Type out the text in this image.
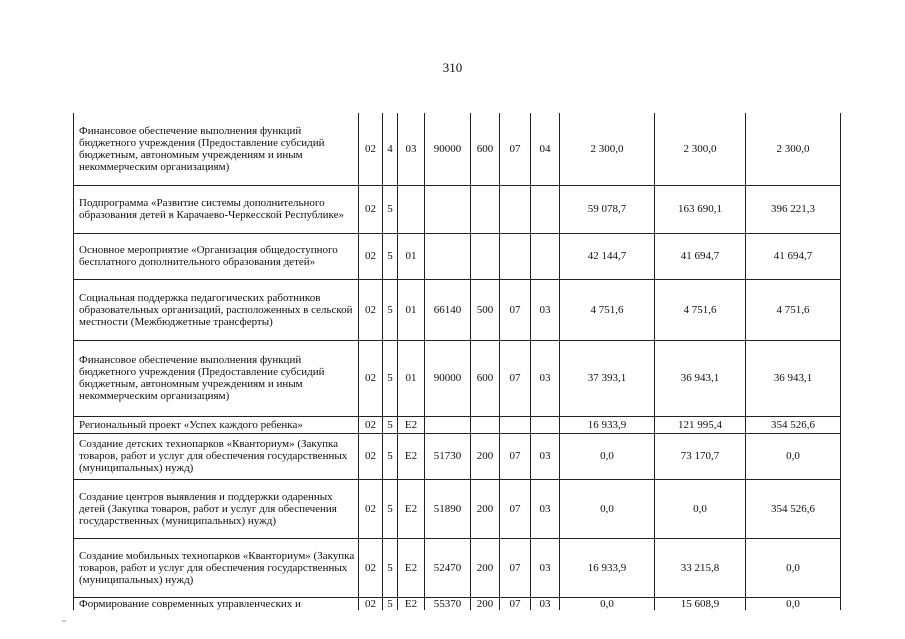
310
Финансовое обеспечение выполнения функций бюджетного учреждения (Предоставление субсидий бюджетным, автономным учреждениям и иным некоммерческим организациям)	02	4	03	90000	600	07	04	2 300,0	2 300,0	2 300,0
Подпрограмма «Развитие системы дополнительного образования детей в Карачаево-Черкесской Республике»	02	5						59 078,7	163 690,1	396 221,3
Основное мероприятие «Организация общедоступного бесплатного дополнительного образования детей»	02	5	01					42 144,7	41 694,7	41 694,7
Социальная поддержка педагогических работников образовательных организаций, расположенных в сельской местности (Межбюджетные трансферты)	02	5	01	66140	500	07	03	4 751,6	4 751,6	4 751,6
Финансовое обеспечение выполнения функций бюджетного учреждения (Предоставление субсидий бюджетным, автономным учреждениям и иным некоммерческим организациям)	02	5	01	90000	600	07	03	37 393,1	36 943,1	36 943,1
Региональный проект «Успех каждого ребенка»	02	5	Е2					16 933,9	121 995,4	354 526,6
Создание детских технопарков «Кванториум» (Закупка товаров, работ и услуг для обеспечения государственных (муниципальных) нужд)	02	5	Е2	51730	200	07	03	0,0	73 170,7	0,0
Создание центров выявления и поддержки одаренных детей (Закупка товаров, работ и услуг для обеспечения государственных (муниципальных) нужд)	02	5	Е2	51890	200	07	03	0,0	0,0	354 526,6
Создание мобильных технопарков «Кванториум» (Закупка товаров, работ и услуг для обеспечения государственных (муниципальных) нужд)	02	5	Е2	52470	200	07	03	16 933,9	33 215,8	0,0
Формирование современных управленческих и	02	5	Е2	55370	200	07	03	0,0	15 608,9	0,0
